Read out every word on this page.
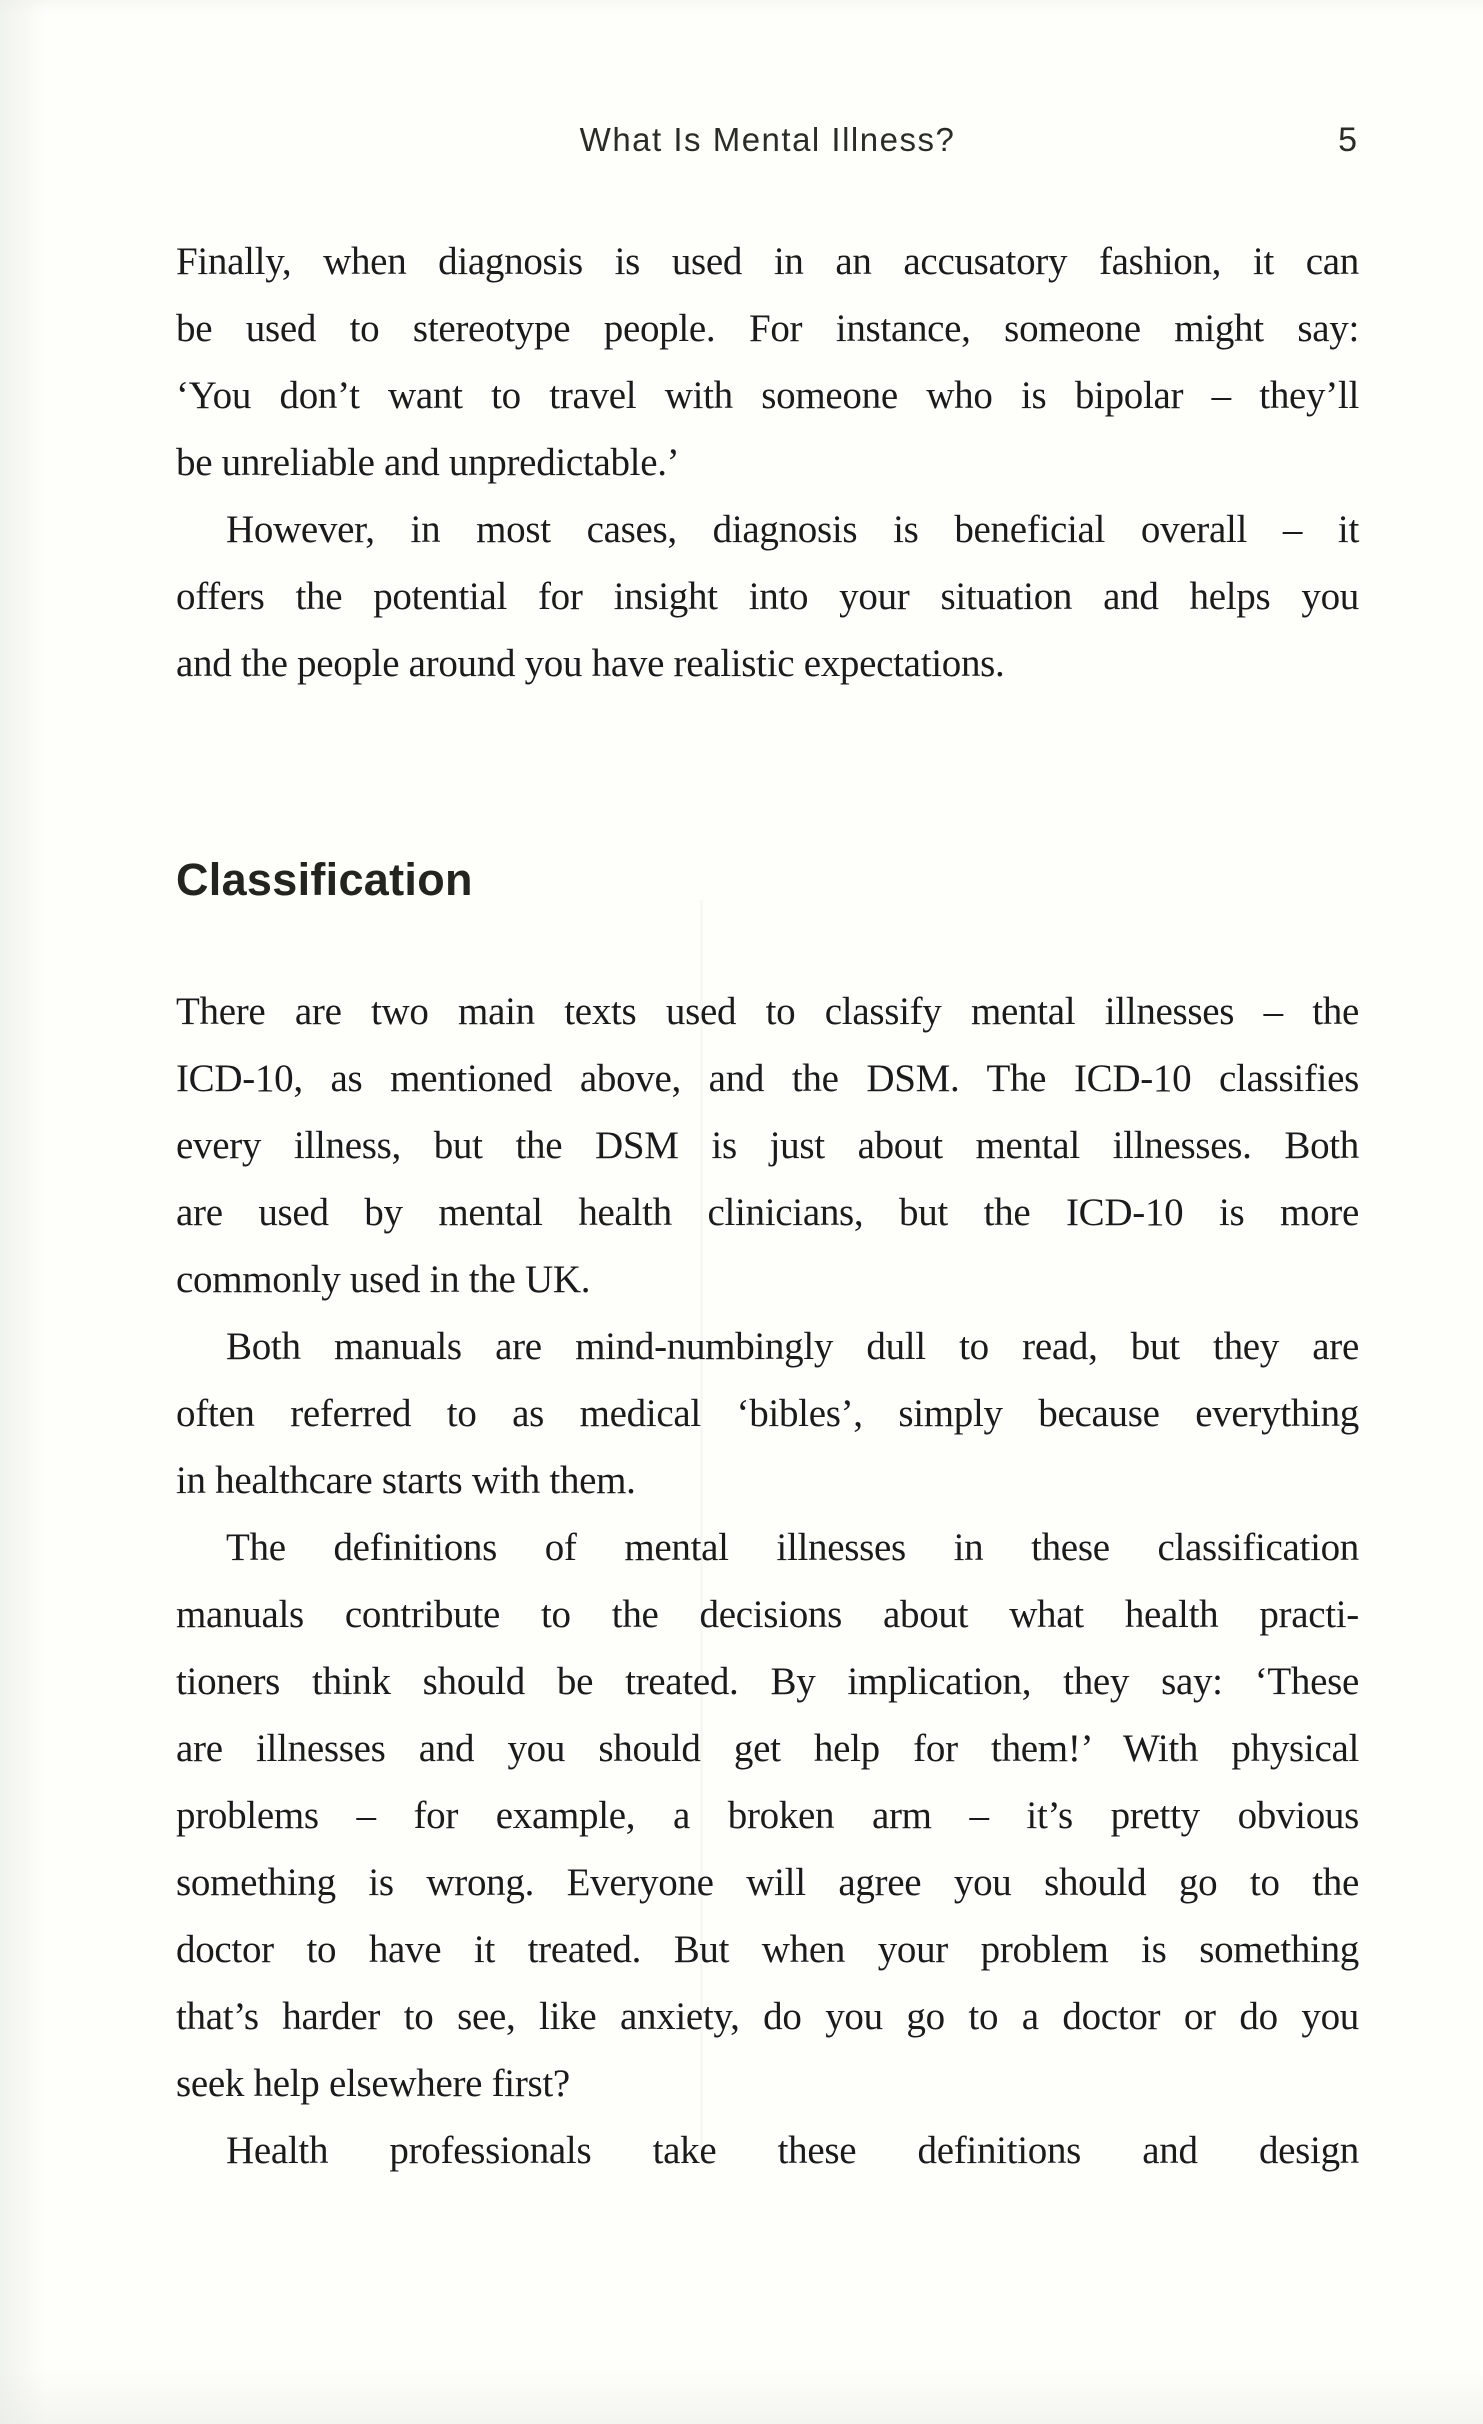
What Is Mental Illness?	5
Finally, when diagnosis is used in an accusatory fashion, it can
be used to stereotype people. For instance, someone might say:
‘You don’t want to travel with someone who is bipolar – they’ll
be unreliable and unpredictable.’
However, in most cases, diagnosis is beneficial overall – it
offers the potential for insight into your situation and helps you
and the people around you have realistic expectations.
Classification
There are two main texts used to classify mental illnesses – the
ICD-10, as mentioned above, and the DSM. The ICD-10 classifies
every illness, but the DSM is just about mental illnesses. Both
are used by mental health clinicians, but the ICD-10 is more
commonly used in the UK.
Both manuals are mind-numbingly dull to read, but they are
often referred to as medical ‘bibles’, simply because everything
in healthcare starts with them.
The definitions of mental illnesses in these classification
manuals contribute to the decisions about what health practi-
tioners think should be treated. By implication, they say: ‘These
are illnesses and you should get help for them!’ With physical
problems – for example, a broken arm – it’s pretty obvious
something is wrong. Everyone will agree you should go to the
doctor to have it treated. But when your problem is something
that’s harder to see, like anxiety, do you go to a doctor or do you
seek help elsewhere first?
Health professionals take these definitions and design
